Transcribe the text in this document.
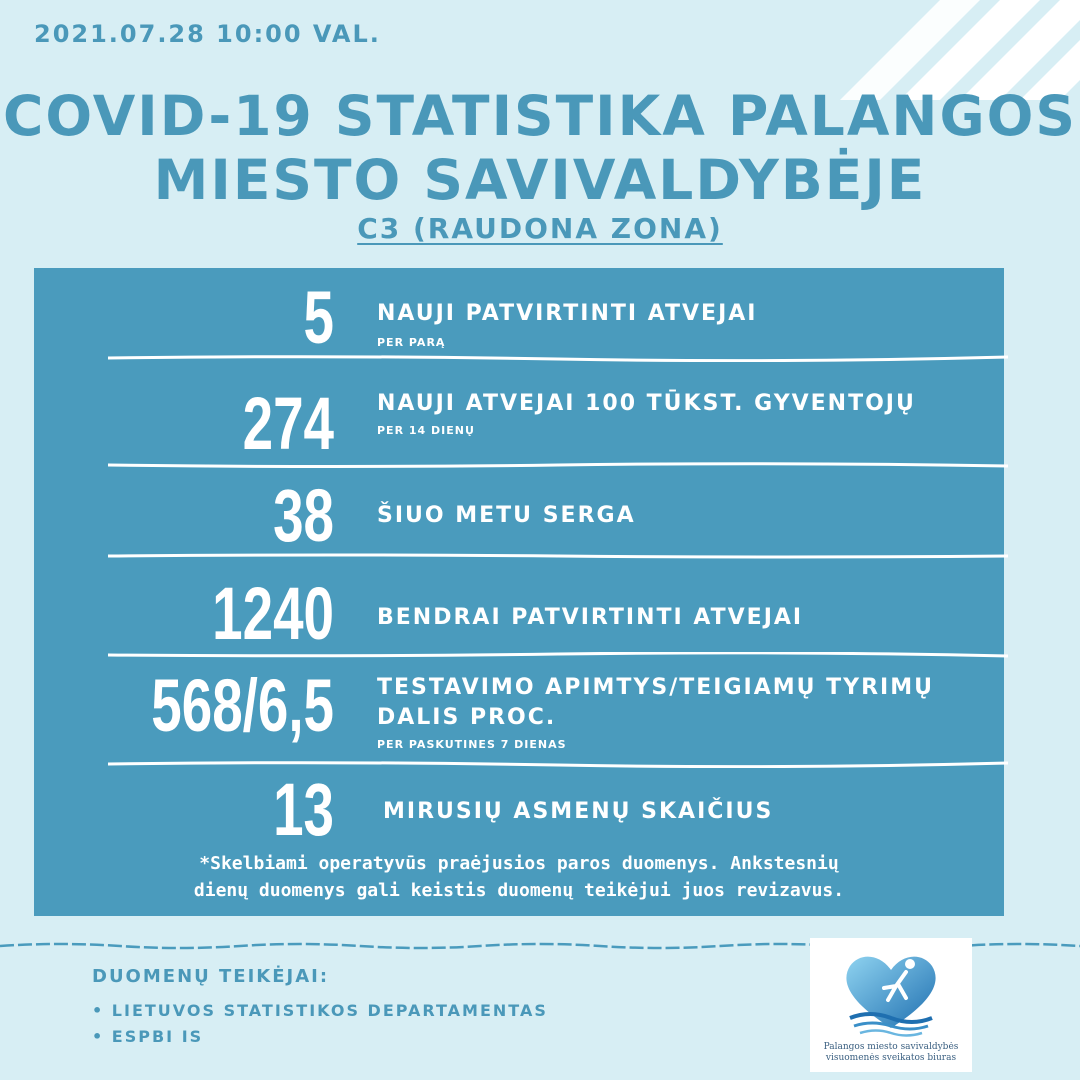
2021.07.28 10:00 VAL.
COVID-19 STATISTIKA PALANGOS
MIESTO SAVIVALDYBĖJE
C3 (RAUDONA ZONA)
5 NAUJI PATVIRTINTI ATVEJAI
PER PARĄ
274 NAUJI ATVEJAI 100 TŪKST. GYVENTOJŲ
PER 14 DIENŲ
38 ŠIUO METU SERGA
1240 BENDRAI PATVIRTINTI ATVEJAI
568/6,5 TESTAVIMO APIMTYS/TEIGIAMŲ TYRIMŲ
DALIS PROC.
PER PASKUTINES 7 DIENAS
13 MIRUSIŲ ASMENŲ SKAIČIUS
*Skelbiami operatyvūs praėjusios paros duomenys. Ankstesnių
dienų duomenys gali keistis duomenų teikėjui juos revizavus.
DUOMENŲ TEIKĖJAI:
• LIETUVOS STATISTIKOS DEPARTAMENTAS
• ESPBI IS
Palangos miesto savivaldybės
visuomenės sveikatos biuras
